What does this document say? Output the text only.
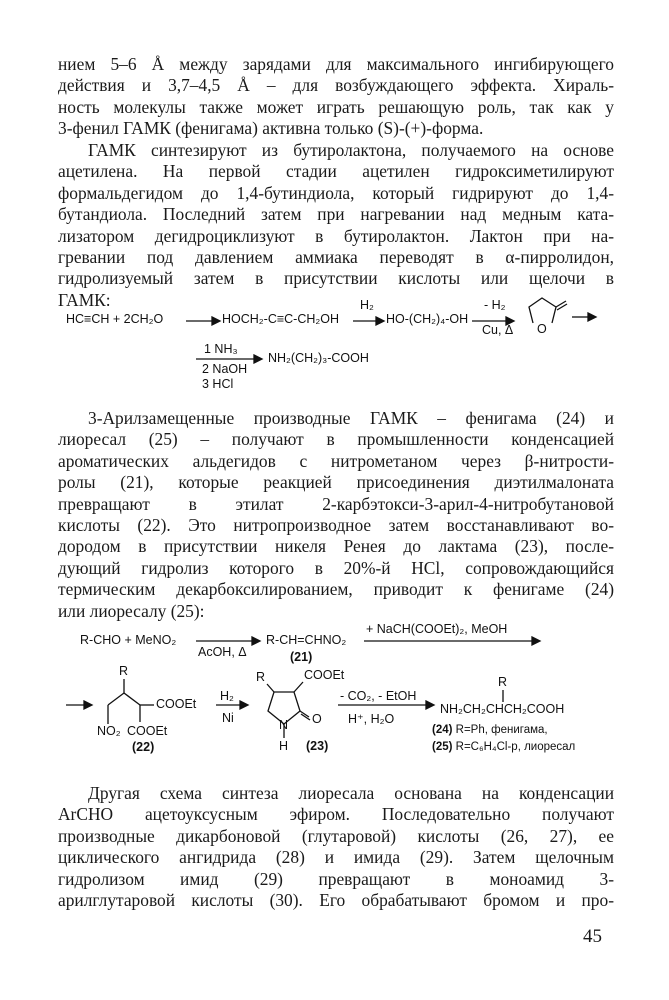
нием 5–6 Å между зарядами для максимального ингибирующего
действия и 3,7–4,5 Å – для возбуждающего эффекта. Хираль-
ность молекулы также может играть решающую роль, так как у
3-фенил ГАМК (фенигама) активна только (S)-(+)-форма.
ГАМК синтезируют из бутиролактона, получаемого на основе
ацетилена. На первой стадии ацетилен гидроксиметилируют
формальдегидом до 1,4-бутиндиола, который гидрируют до 1,4-
бутандиола. Последний затем при нагревании над медным ката-
лизатором дегидроциклизуют в бутиролактон. Лактон при на-
гревании под давлением аммиака переводят в α-пирролидон,
гидролизуемый затем в присутствии кислоты или щелочи в
ГАМК:
HC≡CH + 2CH₂O	HOCH₂-C≡C-CH₂OH
H₂
HO-(CH₂)₄-OH
- H₂
Cu, Δ O
1 NH₃
2 NaOH
3 HCl
NH₂(CH₂)₃-COOH
3-Арилзамещенные производные ГАМК – фенигама (24) и
лиоресал (25) – получают в промышленности конденсацией
ароматических альдегидов с нитрометаном через β-нитрости-
ролы (21), которые реакцией присоединения диэтилмалоната
превращают в этилат 2-карбэтокси-3-арил-4-нитробутановой
кислоты (22). Это нитропроизводное затем восстанавливают во-
дородом в присутствии никеля Ренея до лактама (23), после-
дующий гидролиз которого в 20%-й HCl, сопровождающийся
термическим декарбоксилированием, приводит к фенигаме (24)
или лиоресалу (25):
R-CHO + MeNO₂
AcOH, Δ
R-CH=CHNO₂
(21)
+ NaCH(COOEt)₂, MeOH
R
COOEt
COOEt
NO₂
(22)
H₂
Ni
R	COOEt
N O
H (23)
- CO₂, - EtOH
H⁺, H₂O
R
NH₂CH₂CHCH₂COOH
(24) R=Ph, фенигама,
(25) R=C₆H₄Cl-p, лиоресал
Другая схема синтеза лиоресала основана на конденсации
ArCHO ацетоуксусным эфиром. Последовательно получают
производные дикарбоновой (глутаровой) кислоты (26, 27), ее
циклического ангидрида (28) и имида (29). Затем щелочным
гидролизом имид (29) превращают в моноамид 3-
арилглутаровой кислоты (30). Его обрабатывают бромом и про-
45
